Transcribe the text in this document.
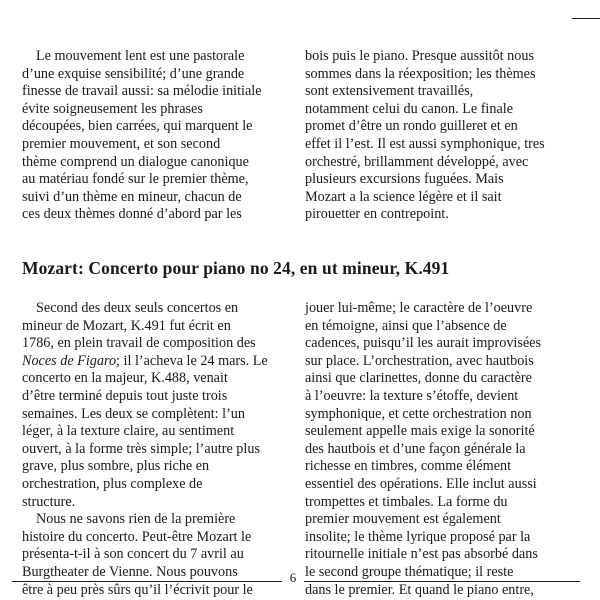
Le mouvement lent est une pastorale
d’une exquise sensibilité; d’une grande
finesse de travail aussi: sa mélodie initiale
évite soigneusement les phrases
découpées, bien carrées, qui marquent le
premier mouvement, et son second
thème comprend un dialogue canonique
au matériau fondé sur le premier thème,
suivi d’un thème en mineur, chacun de
ces deux thèmes donné d’abord par les
bois puis le piano. Presque aussitôt nous
sommes dans la réexposition; les thèmes
sont extensivement travaillés,
notamment celui du canon. Le finale
promet d’être un rondo guilleret et en
effet il l’est. Il est aussi symphonique, tres
orchestré, brillamment développé, avec
plusieurs excursions fuguées. Mais
Mozart a la science légère et il sait
pirouetter en contrepoint.
Mozart: Concerto pour piano no 24, en ut mineur, K.491
Second des deux seuls concertos en
mineur de Mozart, K.491 fut écrit en
1786, en plein travail de composition des
Noces de Figaro; il l’acheva le 24 mars. Le
concerto en la majeur, K.488, venait
d’être terminé depuis tout juste trois
semaines. Les deux se complètent: l’un
léger, à la texture claire, au sentiment
ouvert, à la forme très simple; l’autre plus
grave, plus sombre, plus riche en
orchestration, plus complexe de
structure.
Nous ne savons rien de la première
histoire du concerto. Peut-être Mozart le
présenta-t-il à son concert du 7 avril au
Burgtheater de Vienne. Nous pouvons
être à peu près sûrs qu’il l’écrivit pour le
jouer lui-même; le caractère de l’oeuvre
en témoigne, ainsi que l’absence de
cadences, puisqu’il les aurait improvisées
sur place. L’orchestration, avec hautbois
ainsi que clarinettes, donne du caractère
à l’oeuvre: la texture s’étoffe, devient
symphonique, et cette orchestration non
seulement appelle mais exige la sonorité
des hautbois et d’une façon générale la
richesse en timbres, comme élément
essentiel des opérations. Elle inclut aussi
trompettes et timbales. La forme du
premier mouvement est également
insolite; le thème lyrique proposé par la
ritournelle initiale n’est pas absorbé dans
le second groupe thématique; il reste
dans le premier. Et quand le piano entre,
6
